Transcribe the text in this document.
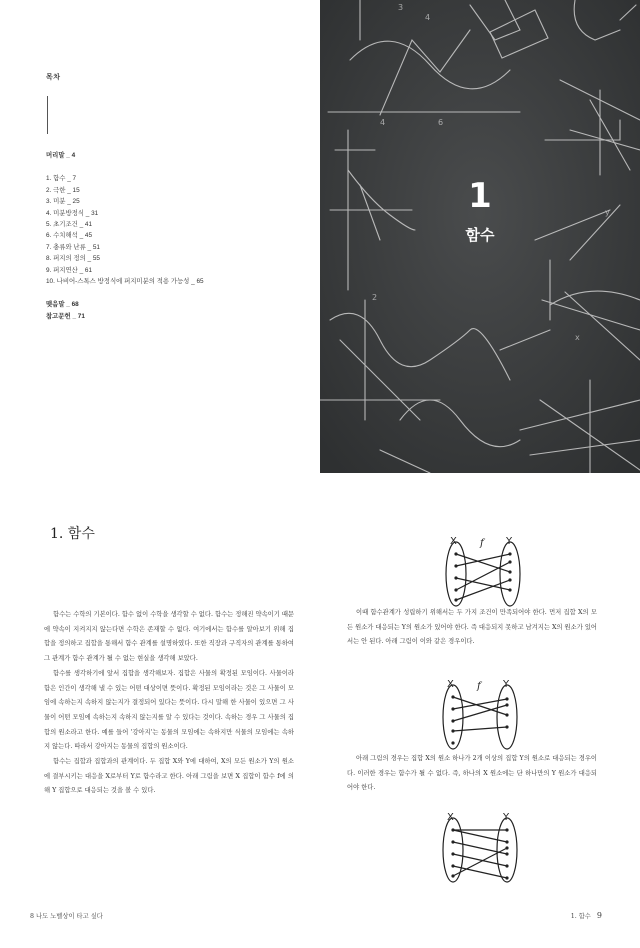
목차
머리말 _ 4
1. 함수 _ 7
2. 극한 _ 15
3. 미분 _ 25
4. 미분방정식 _ 31
5. 초기조건 _ 41
6. 수치해석 _ 45
7. 충류와 난류 _ 51
8. 퍼지의 정의 _ 55
9. 퍼지연산 _ 61
10. 나비어-스톡스 방정식에 퍼지미분의 적용 가능성 _ 65
맺음말 _ 68
참고문헌 _ 71
3
4
6
4
y
x
2
1
함수
1. 함수

함수는 수학의 기본이다. 함수 없이 수학을 생각할 수 없다. 함수는 정해진 약속이기 때문에 약속이 지켜지지 않는다면 수학은 존재할 수 없다. 여기에서는 함수를 알아보기 위해 집합을 정의하고 집합을 통해서 함수 관계를 설명하였다. 또한 직장과 구직자의 관계를 통하여 그 관계가 함수 관계가 될 수 없는 현실을 생각해 보았다.

함수를 생각하기에 앞서 집합을 생각해보자. 집합은 사물의 확정된 모임이다. 사물이라 함은 인간이 생각해 낼 수 있는 어떤 대상이면 뜻이다. 확정된 모임이라는 것은 그 사물이 모임에 속하는지 속하지 않는지가 결정되어 있다는 뜻이다. 다시 말해 한 사물이 있으면 그 사물이 어떤 모임에 속하는지 속하지 않는지를 알 수 있다는 것이다. 속하는 경우 그 사물의 집합의 원소라고 한다. 예를 들어 '강아지'는 동물의 모임에는 속하지만 식물의 모임에는 속하지 않는다. 따라서 강아지는 동물의 집합의 원소이다.

함수는 집합과 집합과의 관계이다. 두 집합 X와 Y에 대하여, X의 모든 원소가 Y의 원소에 결부시키는 대응을 X로부터 Y로 함수라고 한다. 아래 그림을 보면 X 집합이 함수 f에 의해 Y 집합으로 대응되는 것을 볼 수 있다.

X	Y
f

이때 함수관계가 성립하기 위해서는 두 가지 조건이 만족되어야 한다. 먼저 집합 X의 모든 원소가 대응되는 Y의 원소가 있어야 한다. 즉 대응되지 못하고 남겨지는 X의 원소가 있어서는 안 된다. 아래 그림이 이와 같은 경우이다.

X	Y
f

아래 그림의 경우는 집합 X의 원소 하나가 2개 이상의 집합 Y의 원소로 대응되는 경우이다. 이러한 경우는 함수가 될 수 없다. 즉, 하나의 X 원소에는 단 하나만의 Y 원소가 대응되어야 한다.

X	Y
8 나도 노벨상이 타고 싶다	1. 함수 9
